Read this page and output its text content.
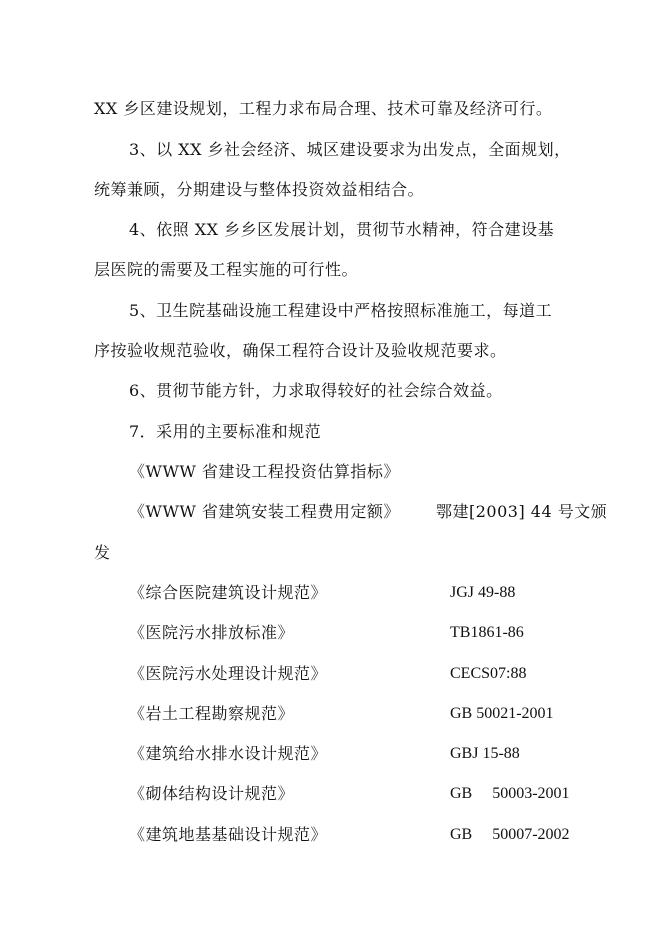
XX 乡区建设规划，工程力求布局合理、技术可靠及经济可行。
3、以 XX 乡社会经济、城区建设要求为出发点，全面规划，
统筹兼顾，分期建设与整体投资效益相结合。
4、依照 XX 乡乡区发展计划，贯彻节水精神，符合建设基
层医院的需要及工程实施的可行性。
5、卫生院基础设施工程建设中严格按照标准施工，每道工
序按验收规范验收，确保工程符合设计及验收规范要求。
6、贯彻节能方针，力求取得较好的社会综合效益。
7．采用的主要标准和规范
《WWW 省建设工程投资估算指标》
《WWW 省建筑安装工程费用定额》 鄂建[2003] 44 号文颁
发
《综合医院建筑设计规范》	JGJ 49-88
《医院污水排放标准》	TB1861-86
《医院污水处理设计规范》	CECS07:88
《岩土工程勘察规范》	GB 50021-2001
《建筑给水排水设计规范》	GBJ 15-88
《砌体结构设计规范》	GB　 50003-2001
《建筑地基基础设计规范》	GB　 50007-2002
